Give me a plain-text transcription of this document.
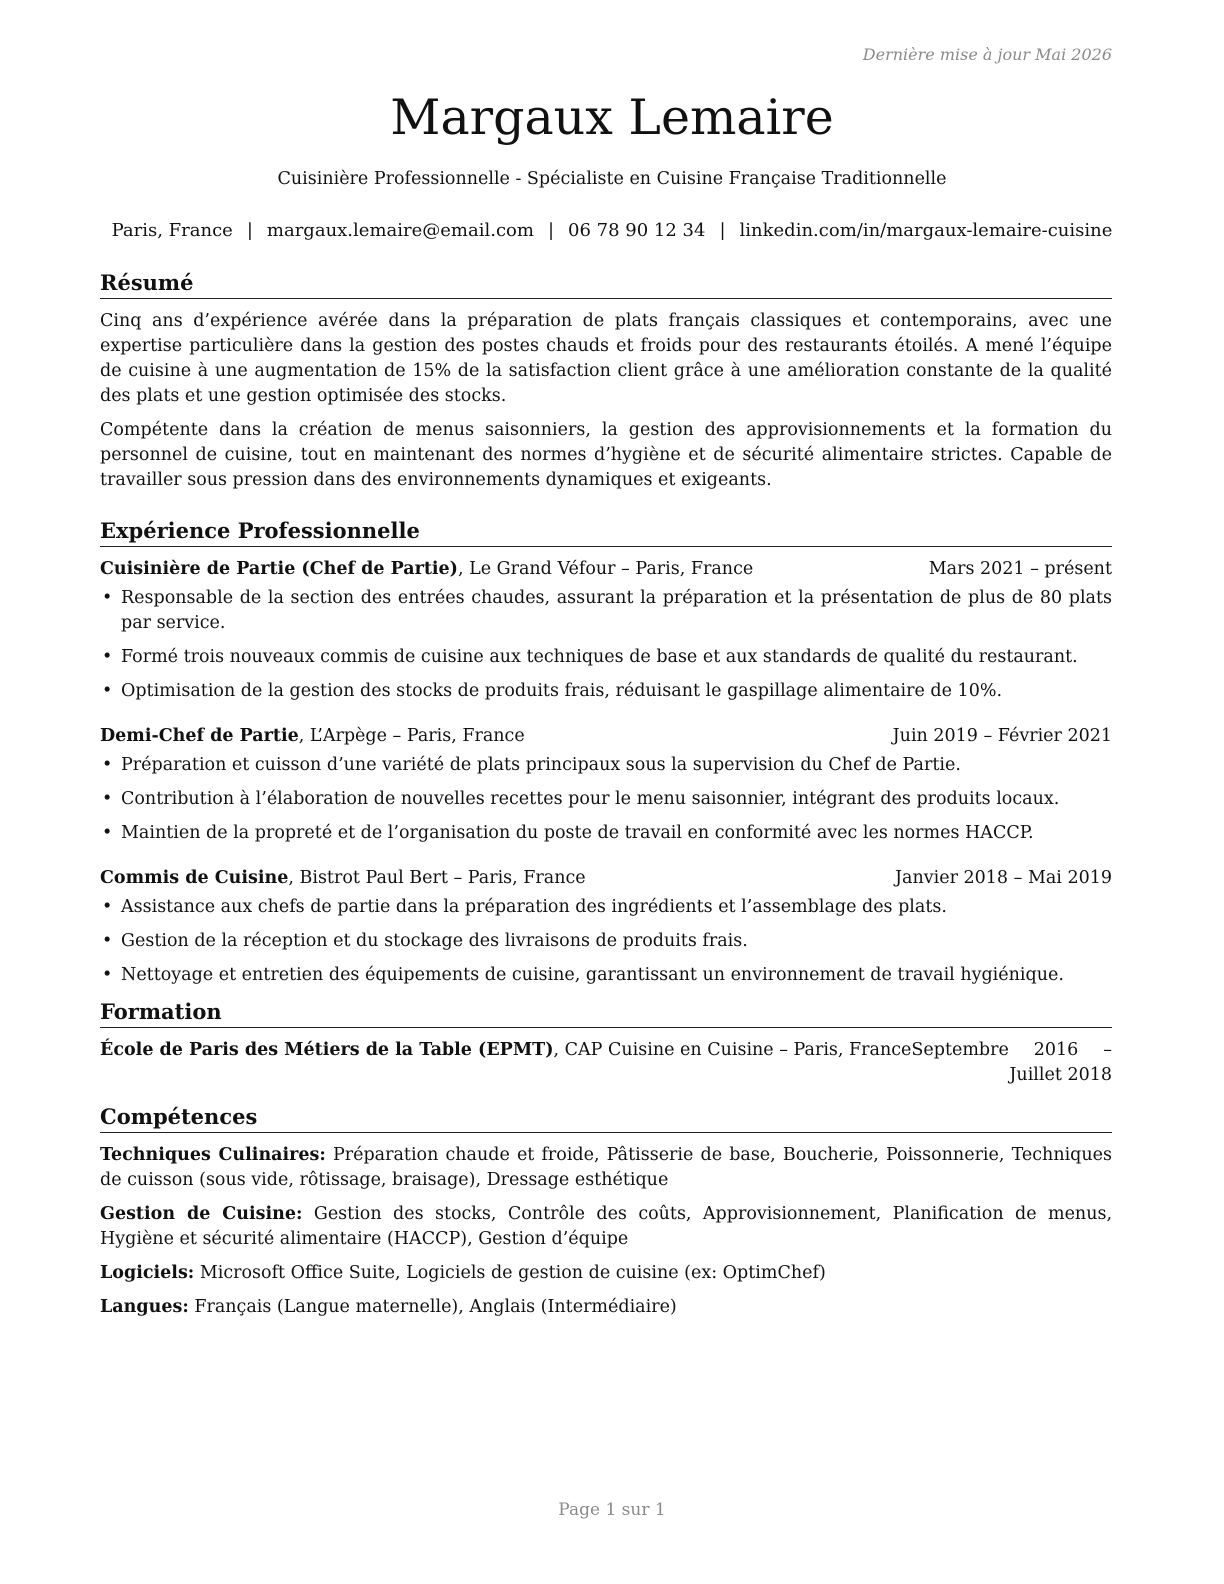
Dernière mise à jour Mai 2026
Margaux Lemaire
Cuisinière Professionnelle - Spécialiste en Cuisine Française Traditionnelle
Paris, France | margaux.lemaire@email.com | 06 78 90 12 34 | linkedin.com/in/margaux-lemaire-cuisine
Résumé

Cinq ans d’expérience avérée dans la préparation de plats français classiques et contemporains, avec une expertise particulière dans la gestion des postes chauds et froids pour des restaurants étoilés. A mené l’équipe de cuisine à une augmentation de 15% de la satisfaction client grâce à une amélioration constante de la qualité des plats et une gestion optimisée des stocks.

Compétente dans la création de menus saisonniers, la gestion des approvisionnements et la formation du personnel de cuisine, tout en maintenant des normes d’hygiène et de sécurité alimentaire strictes. Capable de travailler sous pression dans des environnements dynamiques et exigeants.

Expérience Professionnelle
Cuisinière de Partie (Chef de Partie), Le Grand Véfour – Paris, France	Mars 2021 – présent
• Responsable de la section des entrées chaudes, assurant la préparation et la présentation de plus de 80 plats par service.
• Formé trois nouveaux commis de cuisine aux techniques de base et aux standards de qualité du restaurant.
• Optimisation de la gestion des stocks de produits frais, réduisant le gaspillage alimentaire de 10%.
Demi-Chef de Partie, L’Arpège – Paris, France	Juin 2019 – Février 2021
• Préparation et cuisson d’une variété de plats principaux sous la supervision du Chef de Partie.
• Contribution à l’élaboration de nouvelles recettes pour le menu saisonnier, intégrant des produits locaux.
• Maintien de la propreté et de l’organisation du poste de travail en conformité avec les normes HACCP.
Commis de Cuisine, Bistrot Paul Bert – Paris, France	Janvier 2018 – Mai 2019
• Assistance aux chefs de partie dans la préparation des ingrédients et l’assemblage des plats.
• Gestion de la réception et du stockage des livraisons de produits frais.
• Nettoyage et entretien des équipements de cuisine, garantissant un environnement de travail hygiénique.
Formation
École de Paris des Métiers de la Table (EPMT), CAP Cuisine en Cuisine – Paris, France Septembre 2016 – Juillet 2018
Compétences

Techniques Culinaires: Préparation chaude et froide, Pâtisserie de base, Boucherie, Poissonnerie, Techniques de cuisson (sous vide, rôtissage, braisage), Dressage esthétique

Gestion de Cuisine: Gestion des stocks, Contrôle des coûts, Approvisionnement, Planification de menus, Hygiène et sécurité alimentaire (HACCP), Gestion d’équipe

Logiciels: Microsoft Office Suite, Logiciels de gestion de cuisine (ex: OptimChef)

Langues: Français (Langue maternelle), Anglais (Intermédiaire)

Page 1 sur 1
